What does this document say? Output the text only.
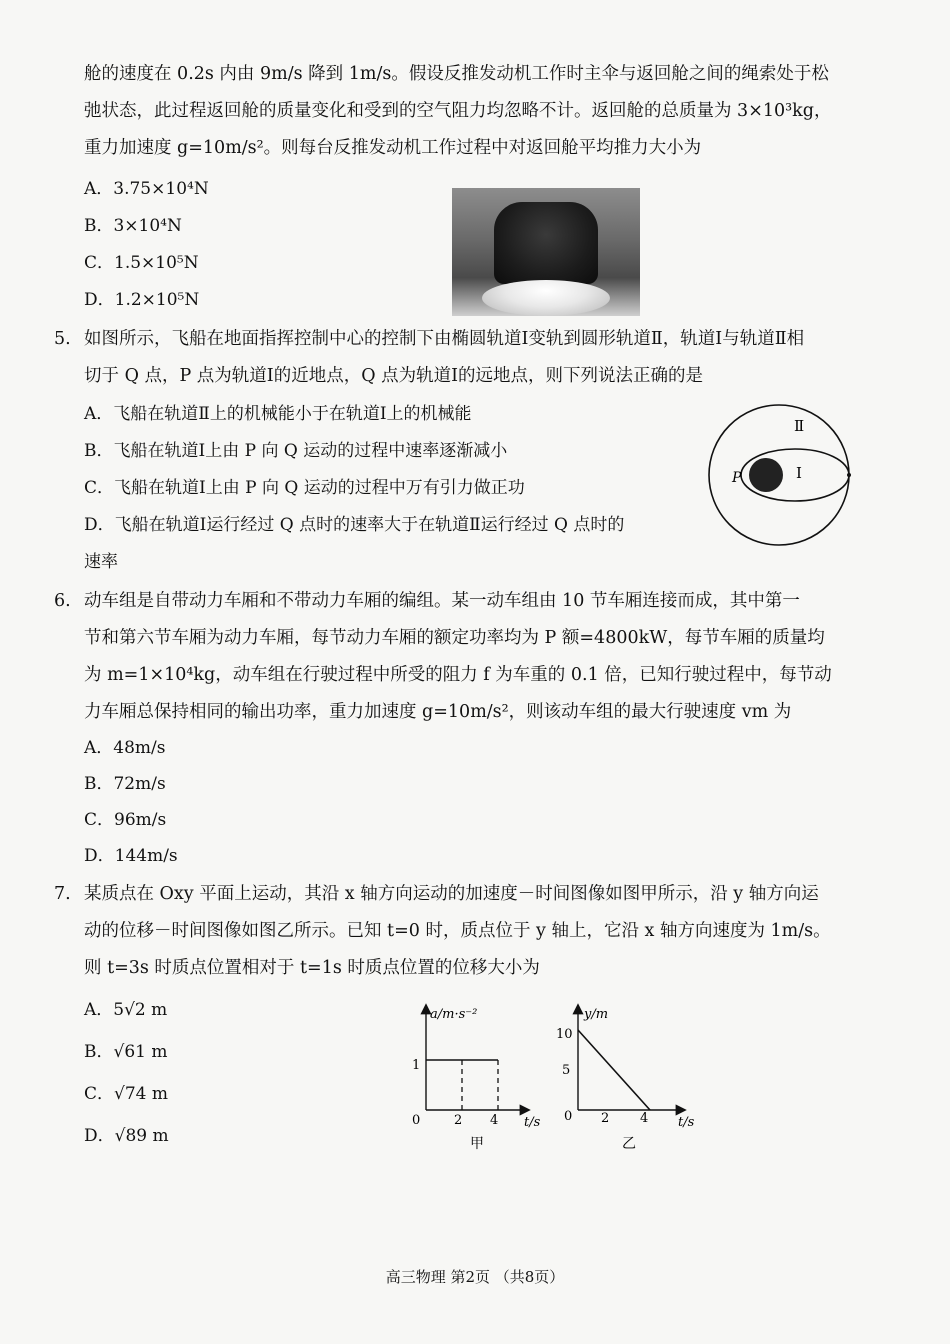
舱的速度在 0.2s 内由 9m/s 降到 1m/s。假设反推发动机工作时主伞与返回舱之间的绳索处于松
弛状态，此过程返回舱的质量变化和受到的空气阻力均忽略不计。返回舱的总质量为 3×10³kg，
重力加速度 g=10m/s²。则每台反推发动机工作过程中对返回舱平均推力大小为
A．3.75×10⁴N
B．3×10⁴N
C．1.5×10⁵N
D．1.2×10⁵N
5. 如图所示，飞船在地面指挥控制中心的控制下由椭圆轨道Ⅰ变轨到圆形轨道Ⅱ，轨道Ⅰ与轨道Ⅱ相
切于 Q 点，P 点为轨道Ⅰ的近地点，Q 点为轨道Ⅰ的远地点，则下列说法正确的是
A．飞船在轨道Ⅱ上的机械能小于在轨道Ⅰ上的机械能
B．飞船在轨道Ⅰ上由 P 向 Q 运动的过程中速率逐渐减小
C．飞船在轨道Ⅰ上由 P 向 Q 运动的过程中万有引力做正功
D．飞船在轨道Ⅰ运行经过 Q 点时的速率大于在轨道Ⅱ运行经过 Q 点时的
速率
Ⅱ
Ⅰ
P
6. 动车组是自带动力车厢和不带动力车厢的编组。某一动车组由 10 节车厢连接而成，其中第一
节和第六节车厢为动力车厢，每节动力车厢的额定功率均为 P 额=4800kW，每节车厢的质量均
为 m=1×10⁴kg，动车组在行驶过程中所受的阻力 f 为车重的 0.1 倍，已知行驶过程中，每节动
力车厢总保持相同的输出功率，重力加速度 g=10m/s²，则该动车组的最大行驶速度 vm 为
A．48m/s
B．72m/s
C．96m/s
D．144m/s
7. 某质点在 Oxy 平面上运动，其沿 x 轴方向运动的加速度－时间图像如图甲所示，沿 y 轴方向运
动的位移－时间图像如图乙所示。已知 t=0 时，质点位于 y 轴上，它沿 x 轴方向速度为 1m/s。
则 t=3s 时质点位置相对于 t=1s 时质点位置的位移大小为
A．5√2 m
B．√61 m
C．√74 m
D．√89 m
a/m·s⁻²
t/s
0	2 4
1
甲
y/m
t/s
0 2 4
5
10
乙
高三物理 第2页 （共8页）
